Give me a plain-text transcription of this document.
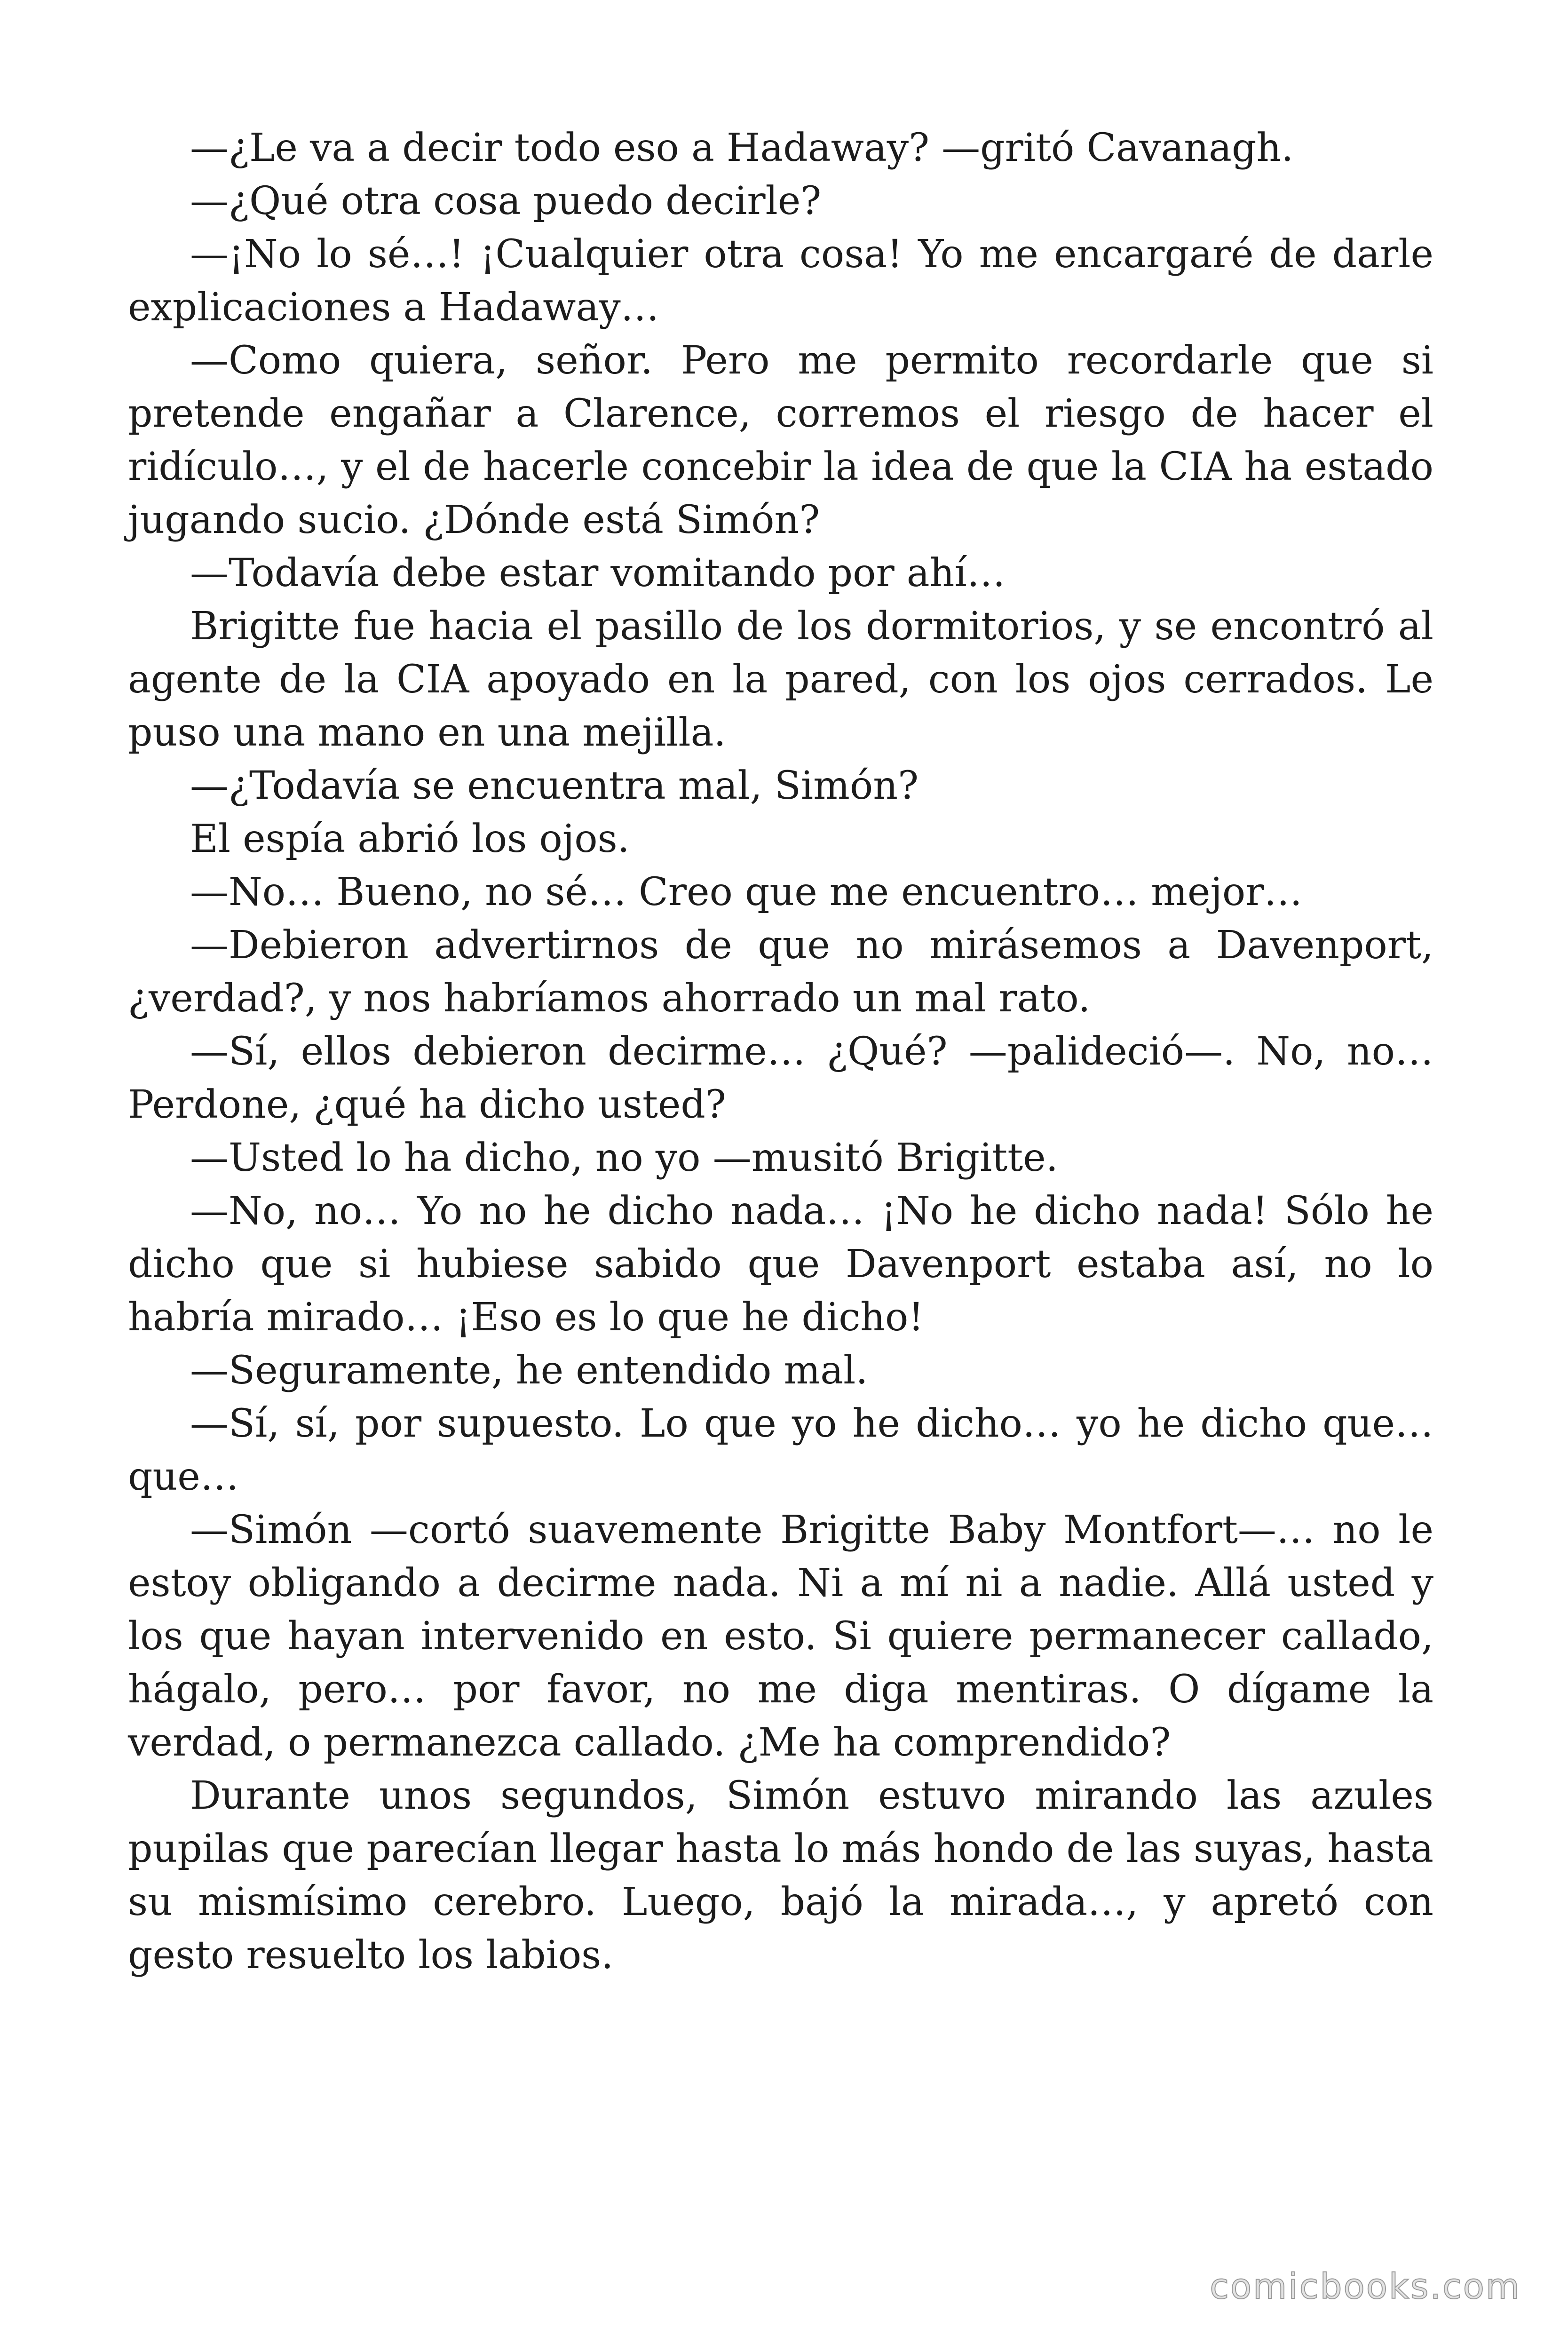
—¿Le va a decir todo eso a Hadaway? —gritó Cavanagh.

—¿Qué otra cosa puedo decirle?

—¡No lo sé…! ¡Cualquier otra cosa! Yo me encargaré de darle explicaciones a Hadaway…

—Como quiera, señor. Pero me permito recordarle que si pretende engañar a Clarence, corremos el riesgo de hacer el ridículo…, y el de hacerle concebir la idea de que la CIA ha estado jugando sucio. ¿Dónde está Simón?

—Todavía debe estar vomitando por ahí…

Brigitte fue hacia el pasillo de los dormitorios, y se encontró al agente de la CIA apoyado en la pared, con los ojos cerrados. Le puso una mano en una mejilla.

—¿Todavía se encuentra mal, Simón?

El espía abrió los ojos.

—No… Bueno, no sé… Creo que me encuentro… mejor…

—Debieron advertirnos de que no mirásemos a Davenport, ¿verdad?, y nos habríamos ahorrado un mal rato.

—Sí, ellos debieron decirme… ¿Qué? —palideció—. No, no… Perdone, ¿qué ha dicho usted?

—Usted lo ha dicho, no yo —musitó Brigitte.

—No, no… Yo no he dicho nada… ¡No he dicho nada! Sólo he dicho que si hubiese sabido que Davenport estaba así, no lo habría mirado… ¡Eso es lo que he dicho!

—Seguramente, he entendido mal.

—Sí, sí, por supuesto. Lo que yo he dicho… yo he dicho que… que…

—Simón —cortó suavemente Brigitte Baby Montfort—… no le estoy obligando a decirme nada. Ni a mí ni a nadie. Allá usted y los que hayan intervenido en esto. Si quiere permanecer callado, hágalo, pero… por favor, no me diga mentiras. O dígame la verdad, o permanezca callado. ¿Me ha comprendido?

Durante unos segundos, Simón estuvo mirando las azules pupilas que parecían llegar hasta lo más hondo de las suyas, hasta su mismísimo cerebro. Luego, bajó la mirada…, y apretó con gesto resuelto los labios.

comicbooks.com
